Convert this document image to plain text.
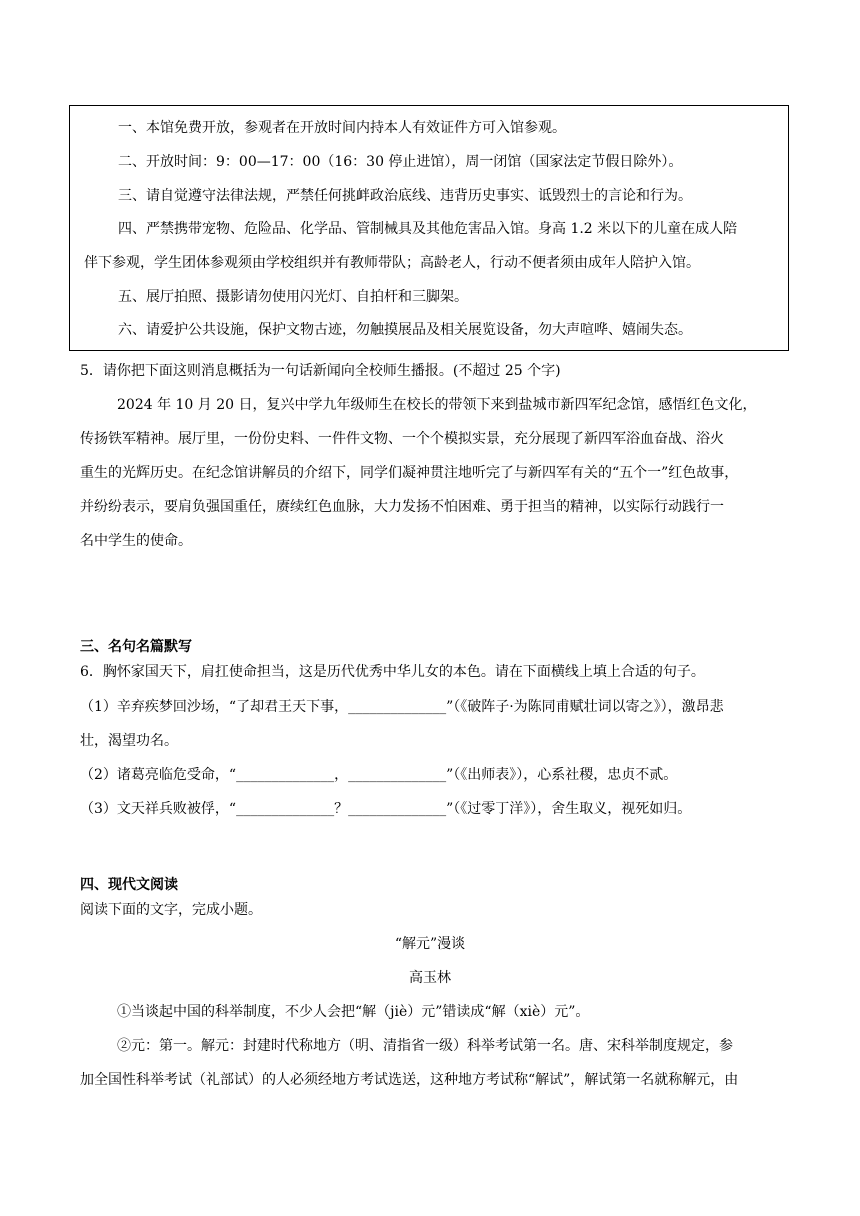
一、本馆免费开放，参观者在开放时间内持本人有效证件方可入馆参观。

二、开放时间：9：00—17：00（16：30 停止进馆），周一闭馆（国家法定节假日除外）。

三、请自觉遵守法律法规，严禁任何挑衅政治底线、违背历史事实、诋毁烈士的言论和行为。

四、严禁携带宠物、危险品、化学品、管制械具及其他危害品入馆。身高 1.2 米以下的儿童在成人陪

伴下参观，学生团体参观须由学校组织并有教师带队；高龄老人，行动不便者须由成年人陪护入馆。

五、展厅拍照、摄影请勿使用闪光灯、自拍杆和三脚架。

六、请爱护公共设施，保护文物古迹，勿触摸展品及相关展览设备，勿大声喧哗、嬉闹失态。

5．请你把下面这则消息概括为一句话新闻向全校师生播报。(不超过 25 个字)

2024 年 10 月 20 日，复兴中学九年级师生在校长的带领下来到盐城市新四军纪念馆，感悟红色文化，

传扬铁军精神。展厅里，一份份史料、一件件文物、一个个模拟实景，充分展现了新四军浴血奋战、浴火

重生的光辉历史。在纪念馆讲解员的介绍下，同学们凝神贯注地听完了与新四军有关的“五个一”红色故事，

并纷纷表示，要肩负强国重任，赓续红色血脉，大力发扬不怕困难、勇于担当的精神，以实际行动践行一

名中学生的使命。

三、名句名篇默写

6．胸怀家国天下，肩扛使命担当，这是历代优秀中华儿女的本色。请在下面横线上填上合适的句子。

（1）辛弃疾梦回沙场，“了却君王天下事，______________”（《破阵子·为陈同甫赋壮词以寄之》），激昂悲

壮，渴望功名。

（2）诸葛亮临危受命，“______________，______________”（《出师表》），心系社稷，忠贞不贰。

（3）文天祥兵败被俘，“______________？______________”（《过零丁洋》），舍生取义，视死如归。

四、现代文阅读

阅读下面的文字，完成小题。

“解元”漫谈

高玉林

①当谈起中国的科举制度，不少人会把“解（jiè）元”错读成“解（xiè）元”。

②元：第一。解元：封建时代称地方（明、清指省一级）科举考试第一名。唐、宋科举制度规定，参

加全国性科举考试（礼部试）的人必须经地方考试选送，这种地方考试称“解试”，解试第一名就称解元，由
